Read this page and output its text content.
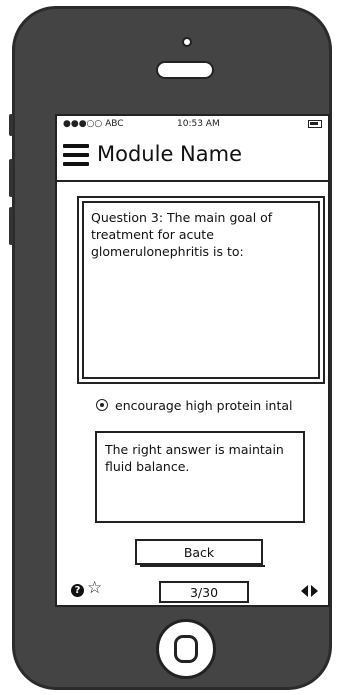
●●●○○ ABC	10:53 AM
Module Name
Question 3: The main goal of treatment for acute glomerulonephritis is to:
encourage high protein intal
The right answer is maintain fluid balance.
Back
? ☆	3/30
